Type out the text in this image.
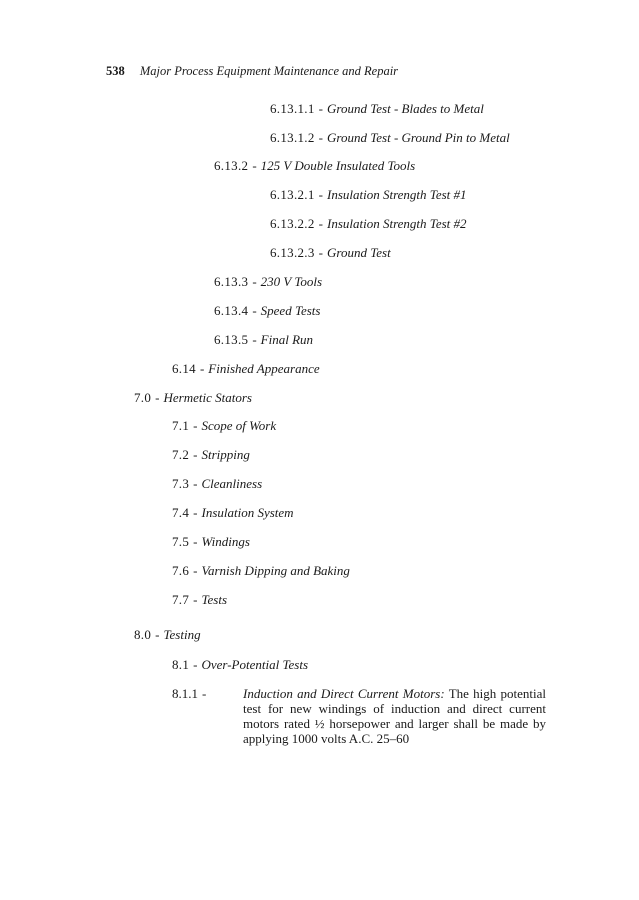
538 Major Process Equipment Maintenance and Repair
6.13.1.1 - Ground Test - Blades to Metal
6.13.1.2 - Ground Test - Ground Pin to Metal
6.13.2 - 125 V Double Insulated Tools
6.13.2.1 - Insulation Strength Test #1
6.13.2.2 - Insulation Strength Test #2
6.13.2.3 - Ground Test
6.13.3 - 230 V Tools
6.13.4 - Speed Tests
6.13.5 - Final Run
6.14 - Finished Appearance
7.0 - Hermetic Stators
7.1 - Scope of Work
7.2 - Stripping
7.3 - Cleanliness
7.4 - Insulation System
7.5 - Windings
7.6 - Varnish Dipping and Baking
7.7 - Tests
8.0 - Testing
8.1 - Over-Potential Tests
8.1.1 -	Induction and Direct Current Motors: The high potential test for new windings of induction and direct current motors rated ½ horsepower and larger shall be made by applying 1000 volts A.C. 25–60
